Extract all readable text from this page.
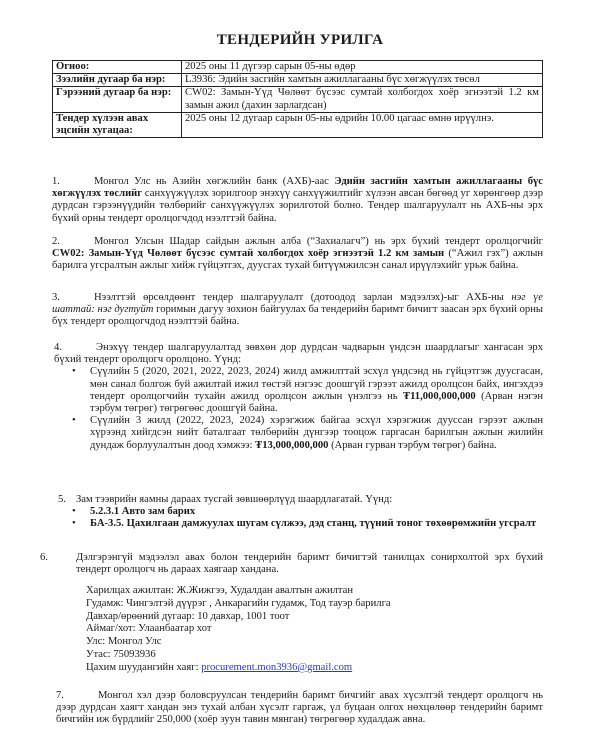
ТЕНДЕРИЙН УРИЛГА
Огноо:	2025 оны 11 дүгээр сарын 05-ны өдөр
Зээлийн дугаар ба нэр:	L3936: Эдийн засгийн хамтын ажиллагааны бүс хөгжүүлэх төсөл
Гэрээний дугаар ба нэр:	CW02: Замын-Үүд Чөлөөт бүсээс сумтай холбогдох хоёр эгнээтэй 1.2 км замын ажил (дахин зарлагдсан)
Тендер хүлээн авах эцсийн хугацаа:	2025 оны 12 дугаар сарын 05-ны өдрийн 10.00 цагаас өмнө ирүүлнэ.
1.	Монгол Улс нь Азийн хөгжлийн банк (АХБ)-аас Эдийн засгийн хамтын ажиллагааны бүс хөгжүүлэх төслийг санхүүжүүлэх зорилгоор энэхүү санхүүжилтийг хүлээн авсан бөгөөд уг хөрөнгөөр дээр дурдсан гэрээнүүдийн төлбөрийг санхүүжүүлэх зорилготой болно. Тендер шалгаруулалт нь АХБ-ны эрх бүхий орны тендерт оролцогчдод нээлттэй байна.
2.	Монгол Улсын Шадар сайдын ажлын алба (“Захиалагч”) нь эрх бүхий тендерт оролцогчийг CW02: Замын-Үүд Чөлөөт бүсээс сумтай холбогдох хоёр эгнээтэй 1.2 км замын (“Ажил гэх”) ажлын барилга угсралтын ажлыг хийж гүйцэтгэх, дуусгах тухай битүүмжилсэн санал ирүүлэхийг урьж байна.
3.	Нээлттэй өрсөлдөөнт тендер шалгаруулалт (дотоодод зарлан мэдээлэх)-ыг АХБ-ны нэг үе шаттай: нэг дугтуйт горимын дагуу зохион байгуулах ба тендерийн баримт бичигт заасан эрх бүхий орны бүх тендерт оролцогчдод нээлттэй байна.
4.	Энэхүү тендер шалгаруулалтад зөвхөн дор дурдсан чадварын үндсэн шаардлагыг хангасан эрх бүхий тендерт оролцогч оролцоно. Үүнд:
• Сүүлийн 5 (2020, 2021, 2022, 2023, 2024) жилд амжилттай эсхүл үндсэнд нь гүйцэтгэж дуусгасан, мөн санал болгож буй ажилтай ижил төстэй нэгээс доошгүй гэрээт ажилд оролцсон байх, ингэхдээ тендерт оролцогчийн тухайн ажилд оролцсон ажлын үнэлгээ нь ₮11,000,000,000 (Арван нэгэн тэрбум төгрөг) төгрөгөөс доошгүй байна.
• Сүүлийн 3 жилд (2022, 2023, 2024) хэрэгжиж байгаа эсхүл хэрэгжиж дууссан гэрээт ажлын хүрээнд хийгдсэн нийт баталгаат төлбөрийн дүнгээр тооцож гаргасан барилгын ажлын жилийн дундаж борлуулалтын доод хэмжээ: ₮13,000,000,000 (Арван гурван тэрбум төгрөг) байна.
5. Зам тээврийн яамны дараах тусгай зөвшөөрлүүд шаардлагатай. Үүнд:
• 5.2.3.1 Авто зам барих
• БА-3.5. Цахилгаан дамжуулах шугам сүлжээ, дэд станц, түүний тоног төхөөрөмжийн угсралт
6.	Дэлгэрэнгүй мэдээлэл авах болон тендерийн баримт бичигтэй танилцах сонирхолтой эрх бүхий тендерт оролцогч нь дараах хаягаар хандана.
Харилцах ажилтан: Ж.Жижгээ, Худалдан авалтын ажилтан
Гудамж: Чингэлтэй дүүрэг , Анкарагийн гудамж, Тод тауэр барилга
Давхар/өрөөний дугаар: 10 давхар, 1001 тоот
Аймаг/хот: Улаанбаатар хот
Улс: Монгол Улс
Утас: 75093936
Цахим шуудангийн хаяг: procurement.mon3936@gmail.com
7.	Монгол хэл дээр боловсруулсан тендерийн баримт бичгийг авах хүсэлтэй тендерт оролцогч нь дээр дурдсан хаягт хандан энэ тухай албан хүсэлт гаргаж, үл буцаан олгох нөхцөлөөр тендерийн баримт бичгийн иж бүрдлийг 250,000 (хоёр зуун тавин мянган) төгрөгөөр худалдаж авна.
